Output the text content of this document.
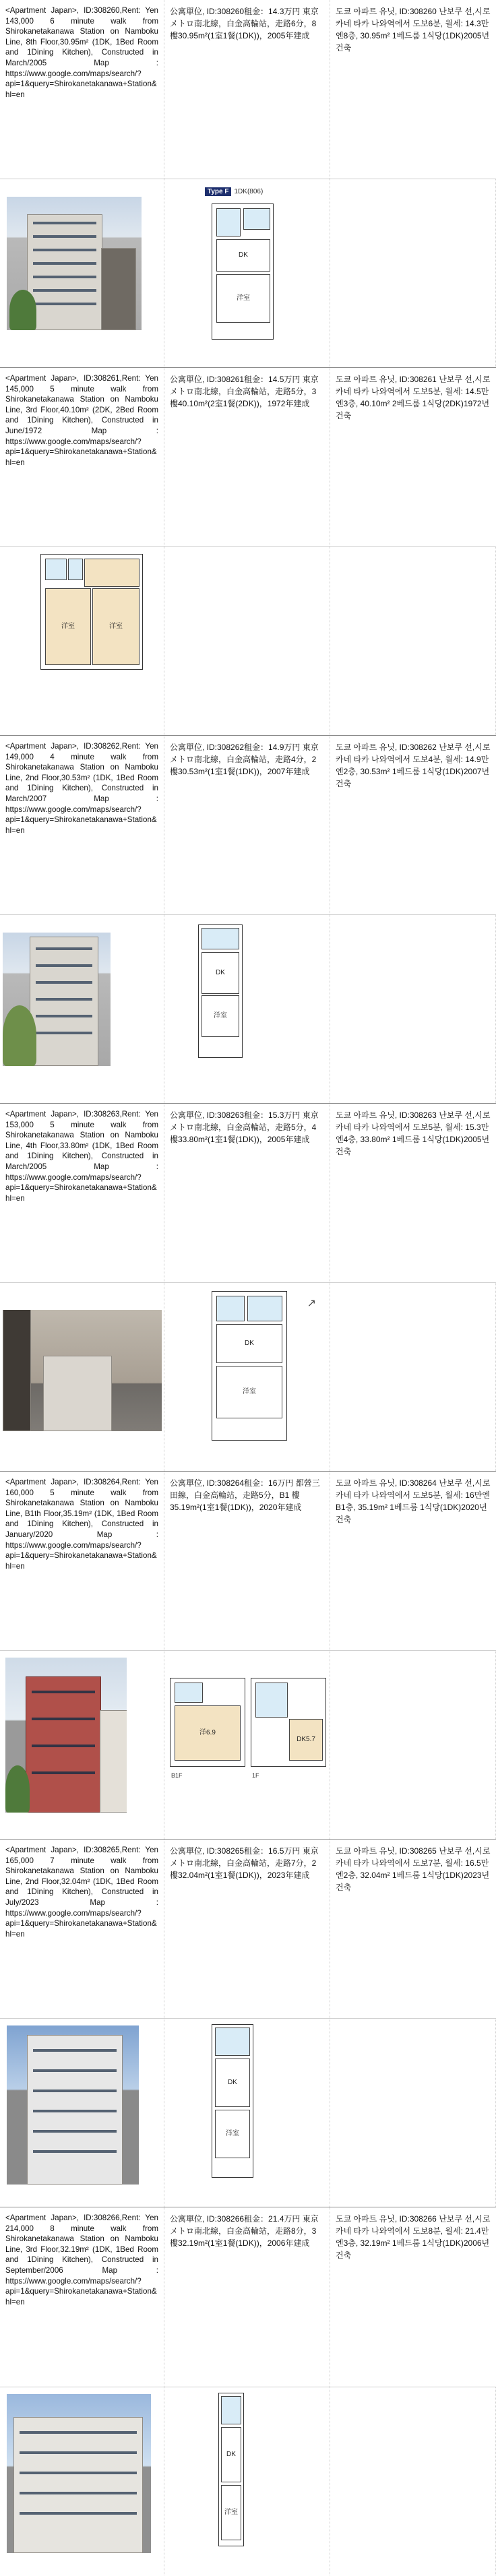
<Apartment Japan>, ID:308260,Rent: Yen 143,000 6 minute walk from Shirokanetakanawa Station on Namboku Line, 8th Floor,30.95m² (1DK, 1Bed Room and 1Dining Kitchen), Constructed in March/2005 Map : https://www.google.com/maps/search/?api=1&query=Shirokanetakanawa+Station&hl=en
公寓單位, ID:308260租金：14.3万円 東京メトロ南北線，白金高輪站，走路6分，8 樓30.95m²(1室1餐(1DK))，2005年建成
도쿄 아파트 유닛, ID:308260 난보쿠 선,시로 카네 타카 나와역에서 도보6분, 월세: 14.3만엔8층, 30.95m² 1베드룸 1식당(1DK)2005년건축
Type F 1DK(806)
DK
洋室
<Apartment Japan>, ID:308261,Rent: Yen 145,000 5 minute walk from Shirokanetakanawa Station on Namboku Line, 3rd Floor,40.10m² (2DK, 2Bed Room and 1Dining Kitchen), Constructed in June/1972 Map : https://www.google.com/maps/search/?api=1&query=Shirokanetakanawa+Station&hl=en
公寓單位, ID:308261租金：14.5万円 東京メトロ南北線，白金高輪站，走路5分，3 樓40.10m²(2室1餐(2DK))，1972年建成
도쿄 아파트 유닛, ID:308261 난보쿠 선,시로 카네 타카 나와역에서 도보5분, 월세: 14.5만엔3층, 40.10m² 2베드룸 1식당(2DK)1972년건축
洋室	洋室
<Apartment Japan>, ID:308262,Rent: Yen 149,000 4 minute walk from Shirokanetakanawa Station on Namboku Line, 2nd Floor,30.53m² (1DK, 1Bed Room and 1Dining Kitchen), Constructed in March/2007 Map : https://www.google.com/maps/search/?api=1&query=Shirokanetakanawa+Station&hl=en
公寓單位, ID:308262租金：14.9万円 東京メトロ南北線，白金高輪站，走路4分，2 樓30.53m²(1室1餐(1DK))，2007年建成
도쿄 아파트 유닛, ID:308262 난보쿠 선,시로 카네 타카 나와역에서 도보4분, 월세: 14.9만엔2층, 30.53m² 1베드룸 1식당(1DK)2007년건축
DK
洋室
<Apartment Japan>, ID:308263,Rent: Yen 153,000 5 minute walk from Shirokanetakanawa Station on Namboku Line, 4th Floor,33.80m² (1DK, 1Bed Room and 1Dining Kitchen), Constructed in March/2005 Map : https://www.google.com/maps/search/?api=1&query=Shirokanetakanawa+Station&hl=en
公寓單位, ID:308263租金：15.3万円 東京メトロ南北線，白金高輪站，走路5分，4 樓33.80m²(1室1餐(1DK))，2005年建成
도쿄 아파트 유닛, ID:308263 난보쿠 선,시로 카네 타카 나와역에서 도보5분, 월세: 15.3만엔4층, 33.80m² 1베드룸 1식당(1DK)2005년건축
↗
DK
洋室
<Apartment Japan>, ID:308264,Rent: Yen 160,000 5 minute walk from Shirokanetakanawa Station on Namboku Line, B1th Floor,35.19m² (1DK, 1Bed Room and 1Dining Kitchen), Constructed in January/2020 Map : https://www.google.com/maps/search/?api=1&query=Shirokanetakanawa+Station&hl=en
公寓單位, ID:308264租金：16万円 都營三田線，白金高輪站，走路5分，B1 樓35.19m²(1室1餐(1DK))，2020年建成
도쿄 아파트 유닛, ID:308264 난보쿠 선,시로 카네 타카 나와역에서 도보5분, 월세: 16만엔B1층, 35.19m² 1베드룸 1식당(1DK)2020년건축
洋6.9
DK5.7
B1F	1F
<Apartment Japan>, ID:308265,Rent: Yen 165,000 7 minute walk from Shirokanetakanawa Station on Namboku Line, 2nd Floor,32.04m² (1DK, 1Bed Room and 1Dining Kitchen), Constructed in July/2023 Map : https://www.google.com/maps/search/?api=1&query=Shirokanetakanawa+Station&hl=en
公寓單位, ID:308265租金：16.5万円 東京メトロ南北線，白金高輪站，走路7分，2 樓32.04m²(1室1餐(1DK))，2023年建成
도쿄 아파트 유닛, ID:308265 난보쿠 선,시로 카네 타카 나와역에서 도보7분, 월세: 16.5만엔2층, 32.04m² 1베드룸 1식당(1DK)2023년건축
DK
洋室
<Apartment Japan>, ID:308266,Rent: Yen 214,000 8 minute walk from Shirokanetakanawa Station on Namboku Line, 3rd Floor,32.19m² (1DK, 1Bed Room and 1Dining Kitchen), Constructed in September/2006 Map : https://www.google.com/maps/search/?api=1&query=Shirokanetakanawa+Station&hl=en
公寓單位, ID:308266租金：21.4万円 東京メトロ南北線，白金高輪站，走路8分，3 樓32.19m²(1室1餐(1DK))，2006年建成
도쿄 아파트 유닛, ID:308266 난보쿠 선,시로 카네 타카 나와역에서 도보8분, 월세: 21.4만엔3층, 32.19m² 1베드룸 1식당(1DK)2006년건축
DK
洋室
